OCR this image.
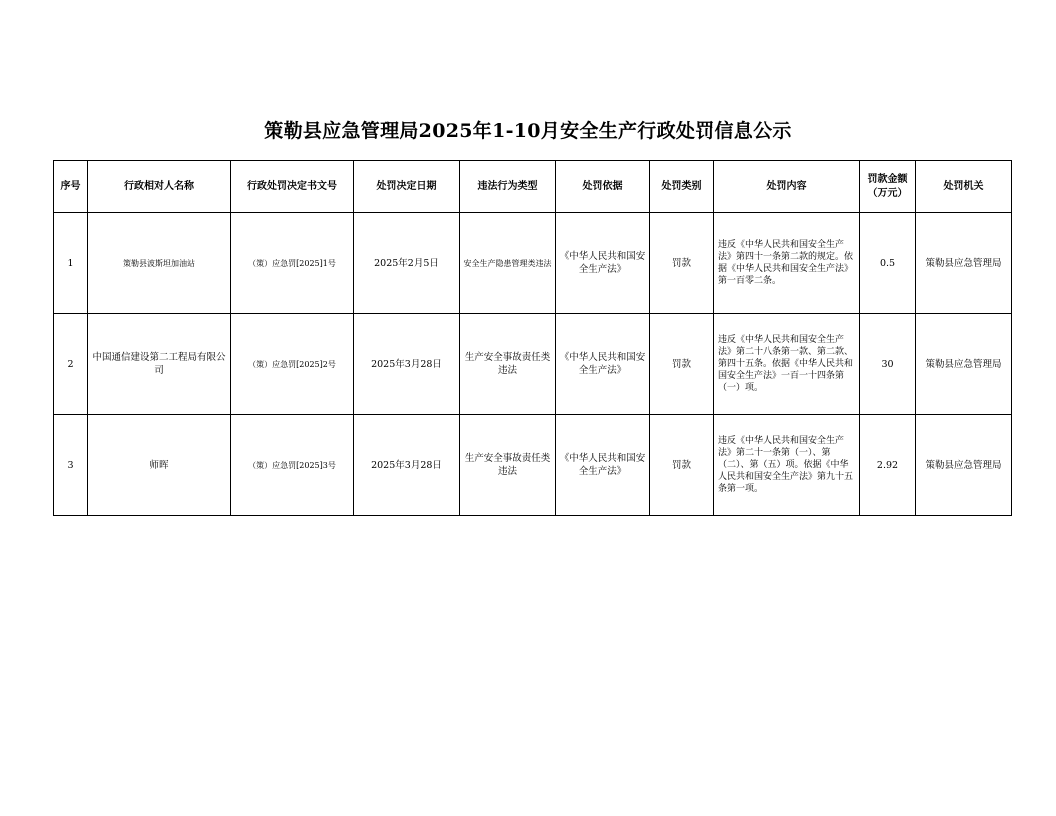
策勒县应急管理局2025年1-10月安全生产行政处罚信息公示
序号	行政相对人名称	行政处罚决定书文号	处罚决定日期	违法行为类型	处罚依据	处罚类别	处罚内容	罚款金额（万元）	处罚机关
1	策勒县波斯坦加油站	（策）应急罚[2025]1号	2025年2月5日	安全生产隐患管理类违法	《中华人民共和国安全生产法》	罚款	违反《中华人民共和国安全生产法》第四十一条第二款的规定。依据《中华人民共和国安全生产法》第一百零二条。	0.5	策勒县应急管理局
2	中国通信建设第二工程局有限公司	（策）应急罚[2025]2号	2025年3月28日	生产安全事故责任类违法	《中华人民共和国安全生产法》	罚款	违反《中华人民共和国安全生产法》第二十八条第一款、第二款、第四十五条。依据《中华人民共和国安全生产法》一百一十四条第（一）项。	30	策勒县应急管理局
3	师晖	（策）应急罚[2025]3号	2025年3月28日	生产安全事故责任类违法	《中华人民共和国安全生产法》	罚款	违反《中华人民共和国安全生产法》第二十一条第（一）、第（二）、第（五）项。依据《中华人民共和国安全生产法》第九十五条第一项。	2.92	策勒县应急管理局
